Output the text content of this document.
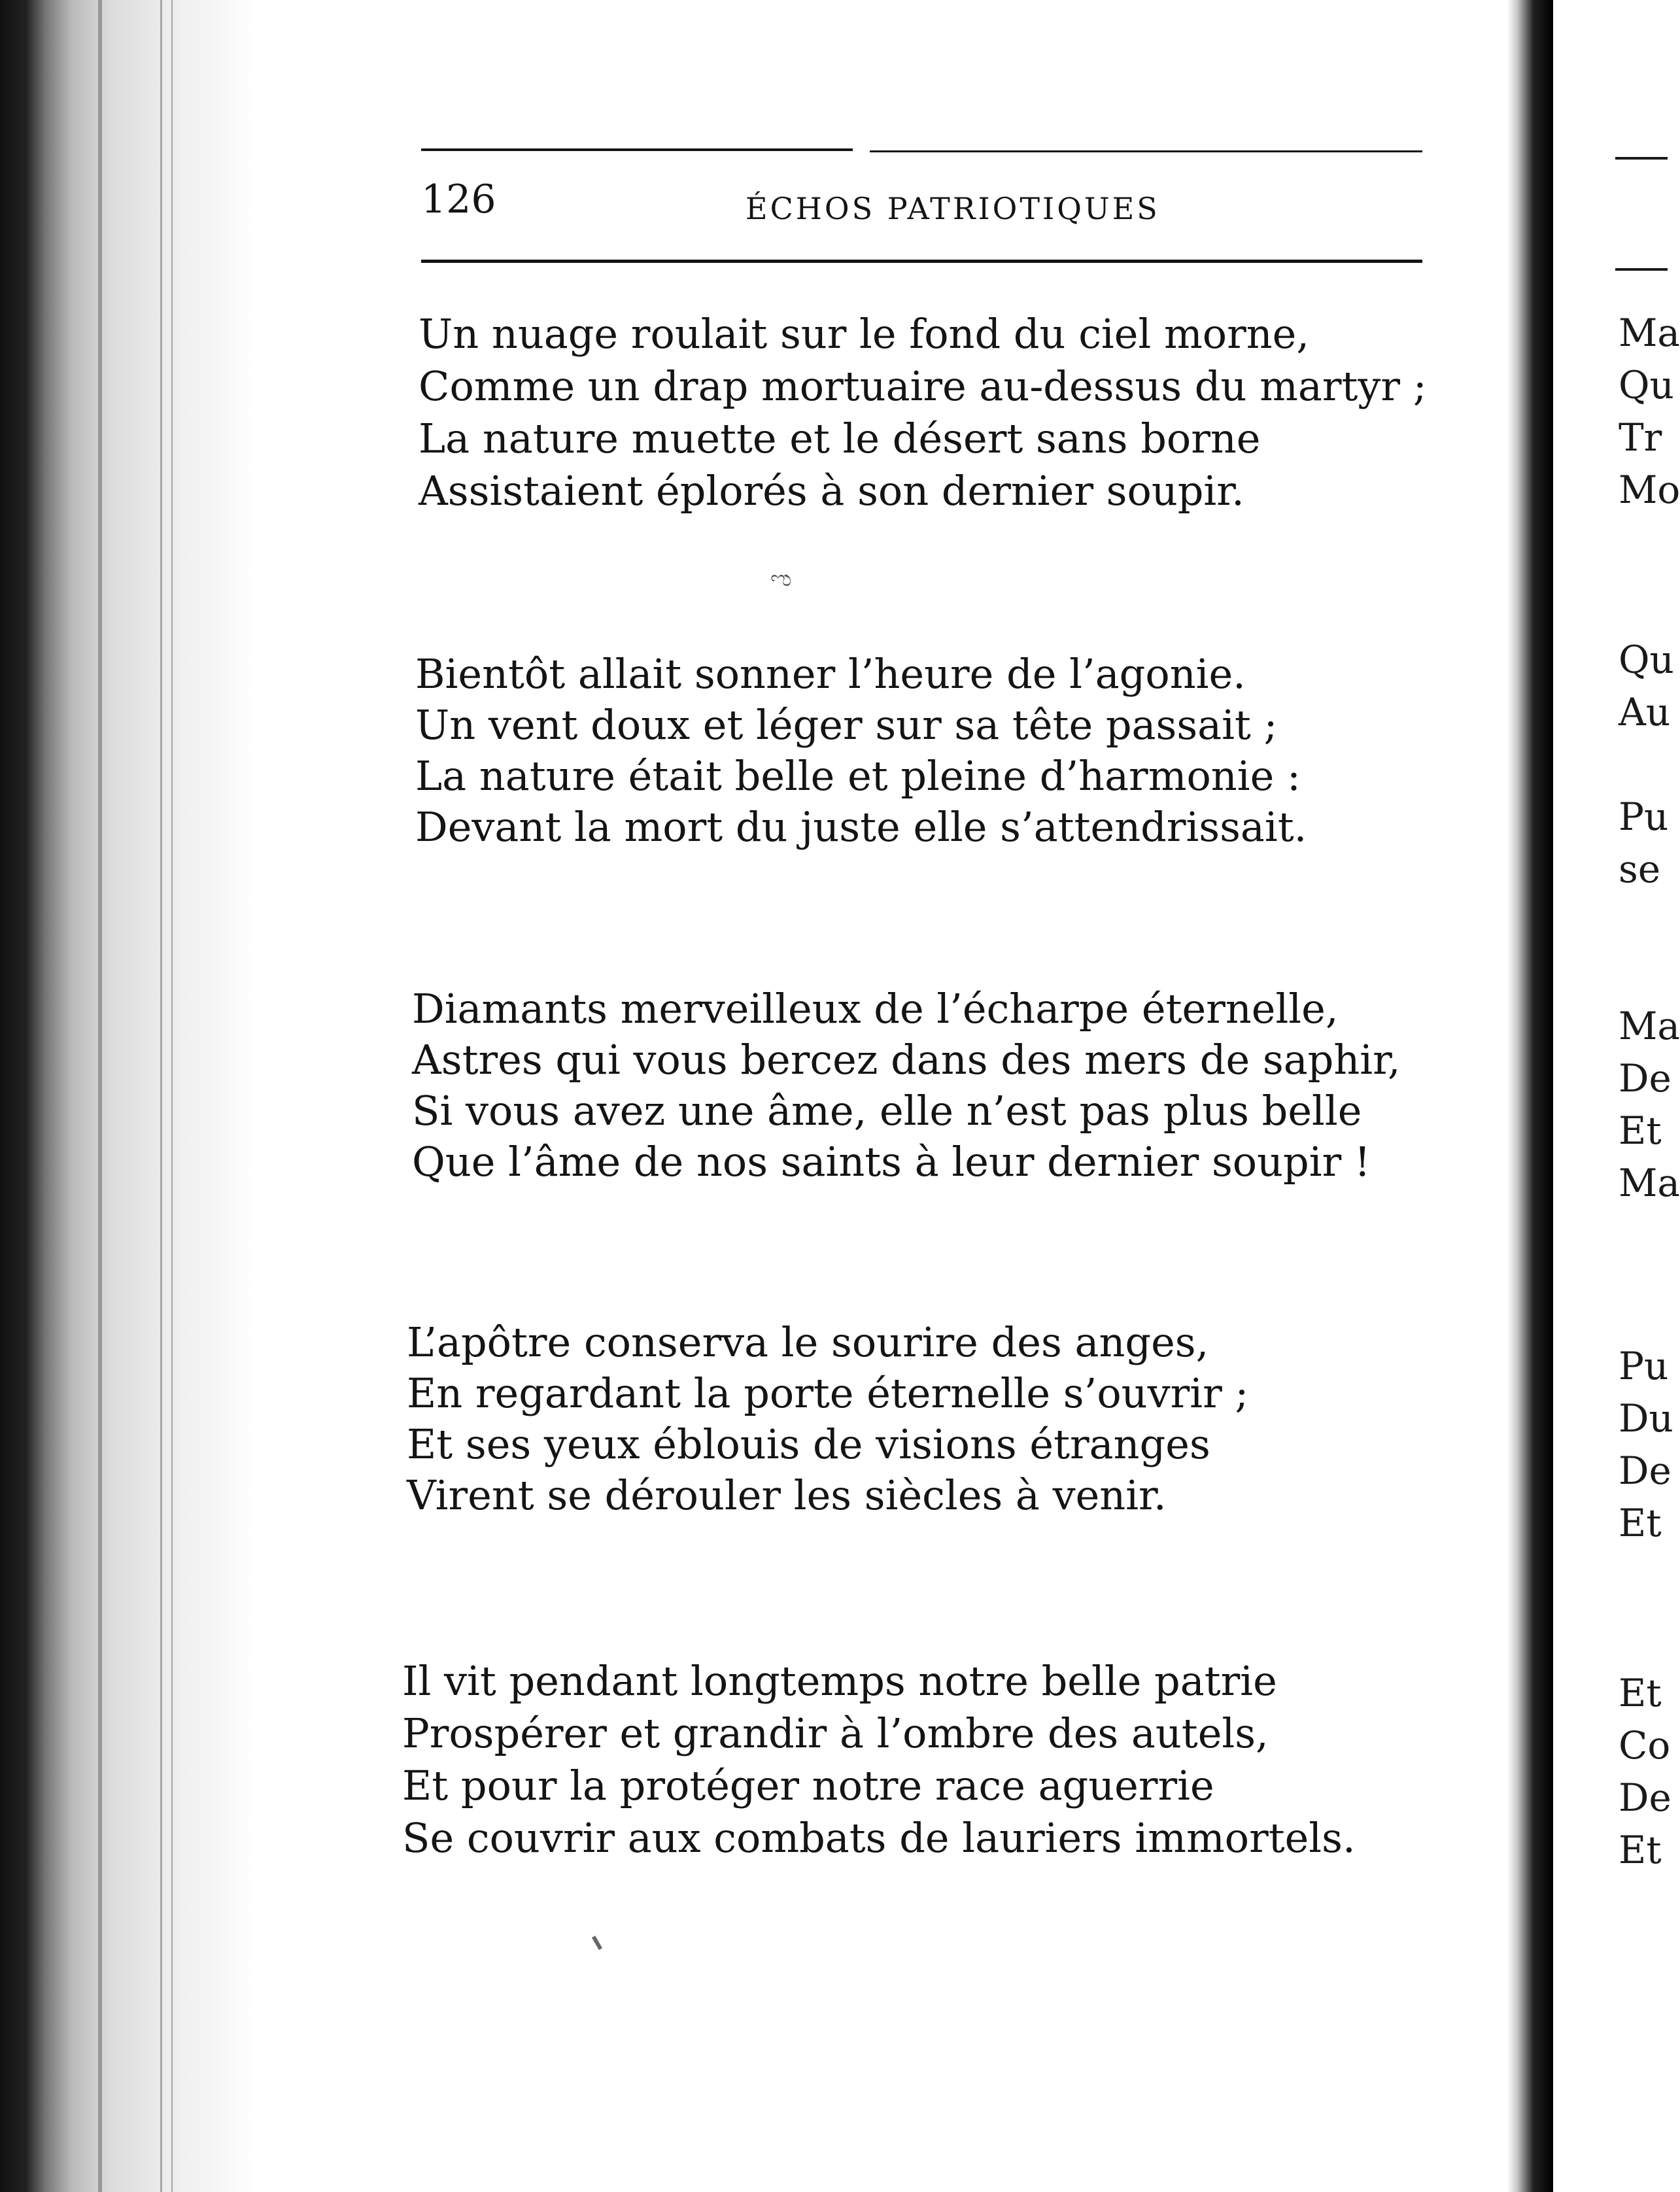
126	ÉCHOS PATRIOTIQUES
Un nuage roulait sur le fond du ciel morne,
Comme un drap mortuaire au-dessus du martyr ;
La nature muette et le désert sans borne
Assistaient éplorés à son dernier soupir.
ಌ
Bientôt allait sonner l’heure de l’agonie.
Un vent doux et léger sur sa tête passait ;
La nature était belle et pleine d’harmonie :
Devant la mort du juste elle s’attendrissait.
Diamants merveilleux de l’écharpe éternelle,
Astres qui vous bercez dans des mers de saphir,
Si vous avez une âme, elle n’est pas plus belle
Que l’âme de nos saints à leur dernier soupir !
L’apôtre conserva le sourire des anges,
En regardant la porte éternelle s’ouvrir ;
Et ses yeux éblouis de visions étranges
Virent se dérouler les siècles à venir.
Il vit pendant longtemps notre belle patrie
Prospérer et grandir à l’ombre des autels,
Et pour la protéger notre race aguerrie
Se couvrir aux combats de lauriers immortels.
Ma
Qu
Tr
Mo
Qu
Au
Pu
se
Ma
De
Et
Ma
Pu
Du
De
Et
Et
Co
De
Et
